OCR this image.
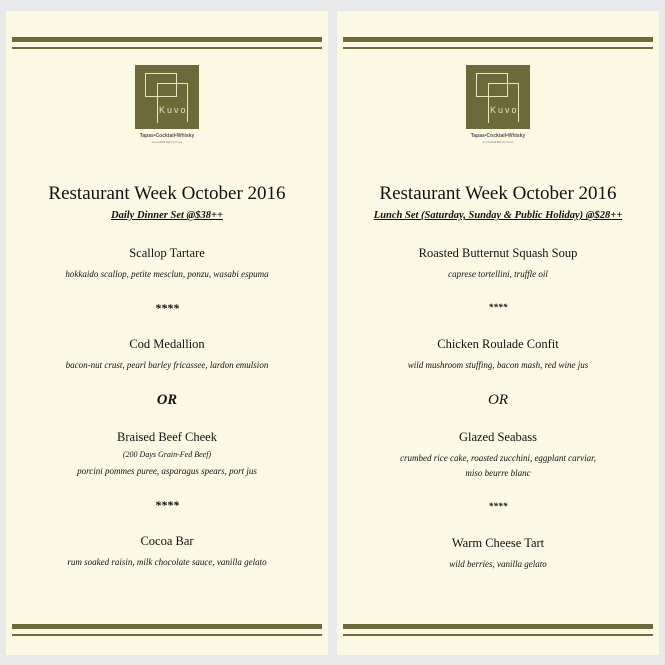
Kuvo
Tapas•Cocktail•Whisky
A Cocktail Bar by Kuvo
Restaurant Week October 2016
Daily Dinner Set @$38++
Scallop Tartare
hokkaido scallop, petite mesclun, ponzu, wasabi espuma
****
Cod Medallion
bacon-nut crust, pearl barley fricassee, lardon emulsion
OR
Braised Beef Cheek
(200 Days Grain-Fed Beef)
porcini pommes puree, asparagus spears, port jus
****
Cocoa Bar
rum soaked raisin, milk chocolate sauce, vanilla gelato
Kuvo
Tapas•Cocktail•Whisky
A Cocktail Bar by Kuvo
Restaurant Week October 2016
Lunch Set (Saturday, Sunday & Public Holiday) @$28++
Roasted Butternut Squash Soup
caprese tortellini, truffle oil
****
Chicken Roulade Confit
wild mushroom stuffing, bacon mash, red wine jus
OR
Glazed Seabass
crumbed rice cake, roasted zucchini, eggplant carviar,
miso beurre blanc
****
Warm Cheese Tart
wild berries, vanilla gelato
